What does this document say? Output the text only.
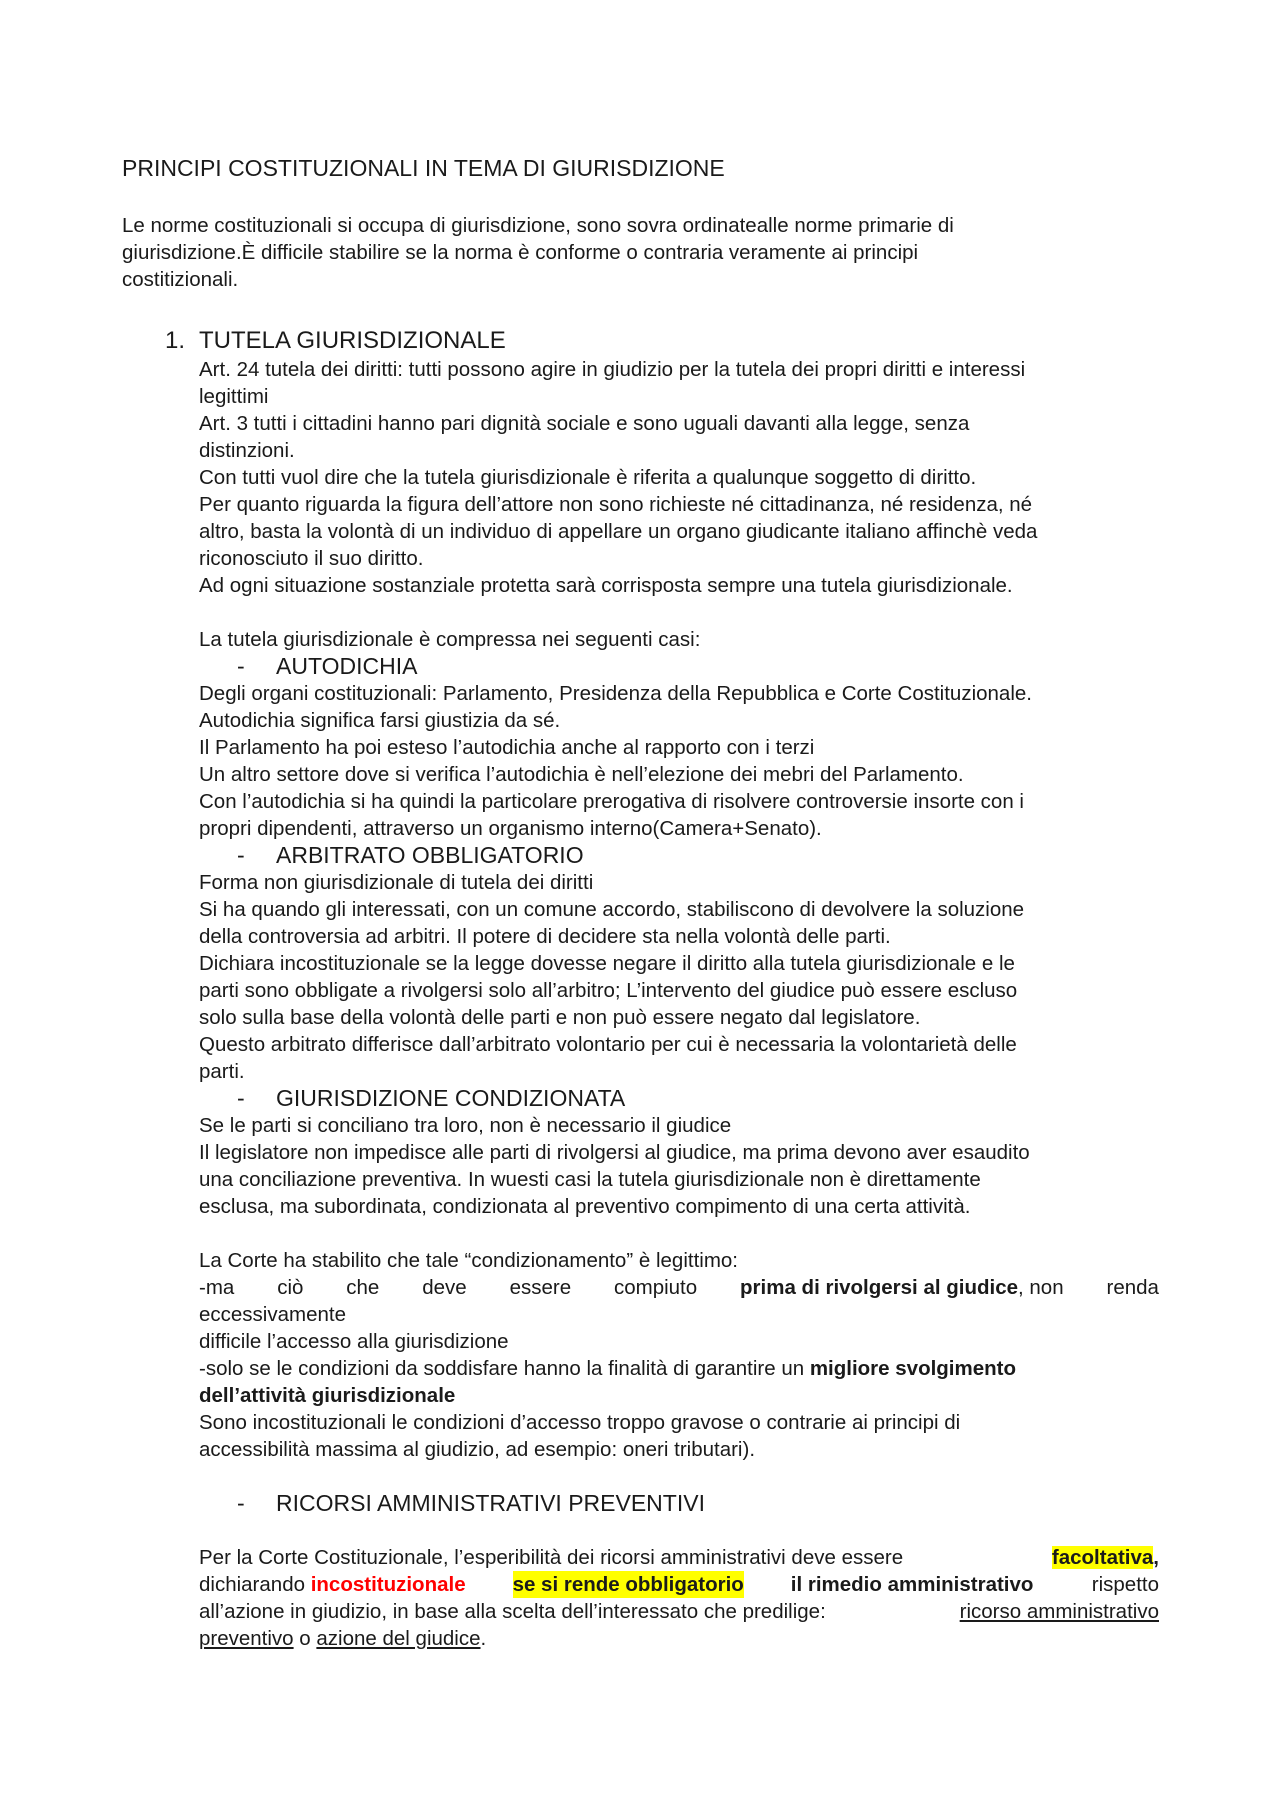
PRINCIPI COSTITUZIONALI IN TEMA DI GIURISDIZIONE
Le norme costituzionali si occupa di giurisdizione, sono sovra ordinatealle norme primarie di
giurisdizione.È difficile stabilire se la norma è conforme o contraria veramente ai principi
costitizionali.
1. TUTELA GIURISDIZIONALE
Art. 24 tutela dei diritti: tutti possono agire in giudizio per la tutela dei propri diritti e interessi
legittimi
Art. 3 tutti i cittadini hanno pari dignità sociale e sono uguali davanti alla legge, senza
distinzioni.
Con tutti vuol dire che la tutela giurisdizionale è riferita a qualunque soggetto di diritto.
Per quanto riguarda la figura dell’attore non sono richieste né cittadinanza, né residenza, né
altro, basta la volontà di un individuo di appellare un organo giudicante italiano affinchè veda
riconosciuto il suo diritto.
Ad ogni situazione sostanziale protetta sarà corrisposta sempre una tutela giurisdizionale.
La tutela giurisdizionale è compressa nei seguenti casi:
- AUTODICHIA

Degli organi costituzionali: Parlamento, Presidenza della Repubblica e Corte Costituzionale.
Autodichia significa farsi giustizia da sé.
Il Parlamento ha poi esteso l’autodichia anche al rapporto con i terzi
Un altro settore dove si verifica l’autodichia è nell’elezione dei mebri del Parlamento.
Con l’autodichia si ha quindi la particolare prerogativa di risolvere controversie insorte con i
propri dipendenti, attraverso un organismo interno(Camera+Senato).
- ARBITRATO OBBLIGATORIO

Forma non giurisdizionale di tutela dei diritti
Si ha quando gli interessati, con un comune accordo, stabiliscono di devolvere la soluzione
della controversia ad arbitri. Il potere di decidere sta nella volontà delle parti.
Dichiara incostituzionale se la legge dovesse negare il diritto alla tutela giurisdizionale e le
parti sono obbligate a rivolgersi solo all’arbitro; L’intervento del giudice può essere escluso
solo sulla base della volontà delle parti e non può essere negato dal legislatore.
Questo arbitrato differisce dall’arbitrato volontario per cui è necessaria la volontarietà delle
parti.
- GIURISDIZIONE CONDIZIONATA

Se le parti si conciliano tra loro, non è necessario il giudice
Il legislatore non impedisce alle parti di rivolgersi al giudice, ma prima devono aver esaudito
una conciliazione preventiva. In wuesti casi la tutela giurisdizionale non è direttamente
esclusa, ma subordinata, condizionata al preventivo compimento di una certa attività.
La Corte ha stabilito che tale “condizionamento” è legittimo:
-ma ciò che deve essere compiuto prima di rivolgersi al giudice, non renda
eccessivamente
difficile l’accesso alla giurisdizione
-solo se le condizioni da soddisfare hanno la finalità di garantire un migliore svolgimento
dell’attività giurisdizionale
Sono incostituzionali le condizioni d’accesso troppo gravose o contrarie ai principi di
accessibilità massima al giudizio, ad esempio: oneri tributari).
- RICORSI AMMINISTRATIVI PREVENTIVI

Per la Corte Costituzionale, l’esperibilità dei ricorsi amministrativi deve essere	facoltativa,
dichiarando incostituzionale se si rende obbligatorio il rimedio amministrativo rispetto
all’azione in giudizio, in base alla scelta dell’interessato che predilige:	ricorso amministrativo
preventivo o azione del giudice.
